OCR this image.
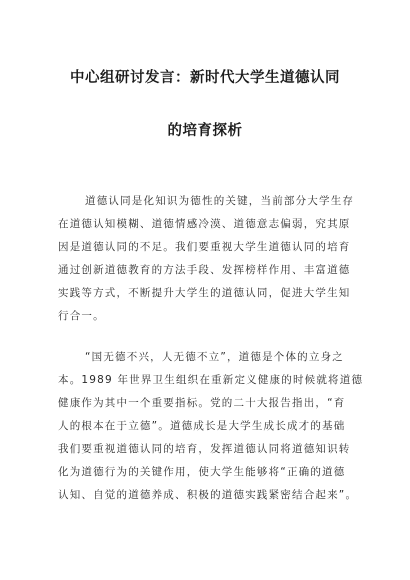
中心组研讨发言：新时代大学生道德认同
的培育探析
道德认同是化知识为德性的关键，当前部分大学生存
在道德认知模糊、道德情感冷漠、道德意志偏弱，究其原
因是道德认同的不足。我们要重视大学生道德认同的培育
通过创新道德教育的方法手段、发挥榜样作用、丰富道德
实践等方式，不断提升大学生的道德认同，促进大学生知
行合一。
“国无德不兴，人无德不立”，道德是个体的立身之
本。1989 年世界卫生组织在重新定义健康的时候就将道德
健康作为其中一个重要指标。党的二十大报告指出，“育
人的根本在于立德”。道德成长是大学生成长成才的基础
我们要重视道德认同的培育，发挥道德认同将道德知识转
化为道德行为的关键作用，使大学生能够将“正确的道德
认知、自觉的道德养成、积极的道德实践紧密结合起来”。
